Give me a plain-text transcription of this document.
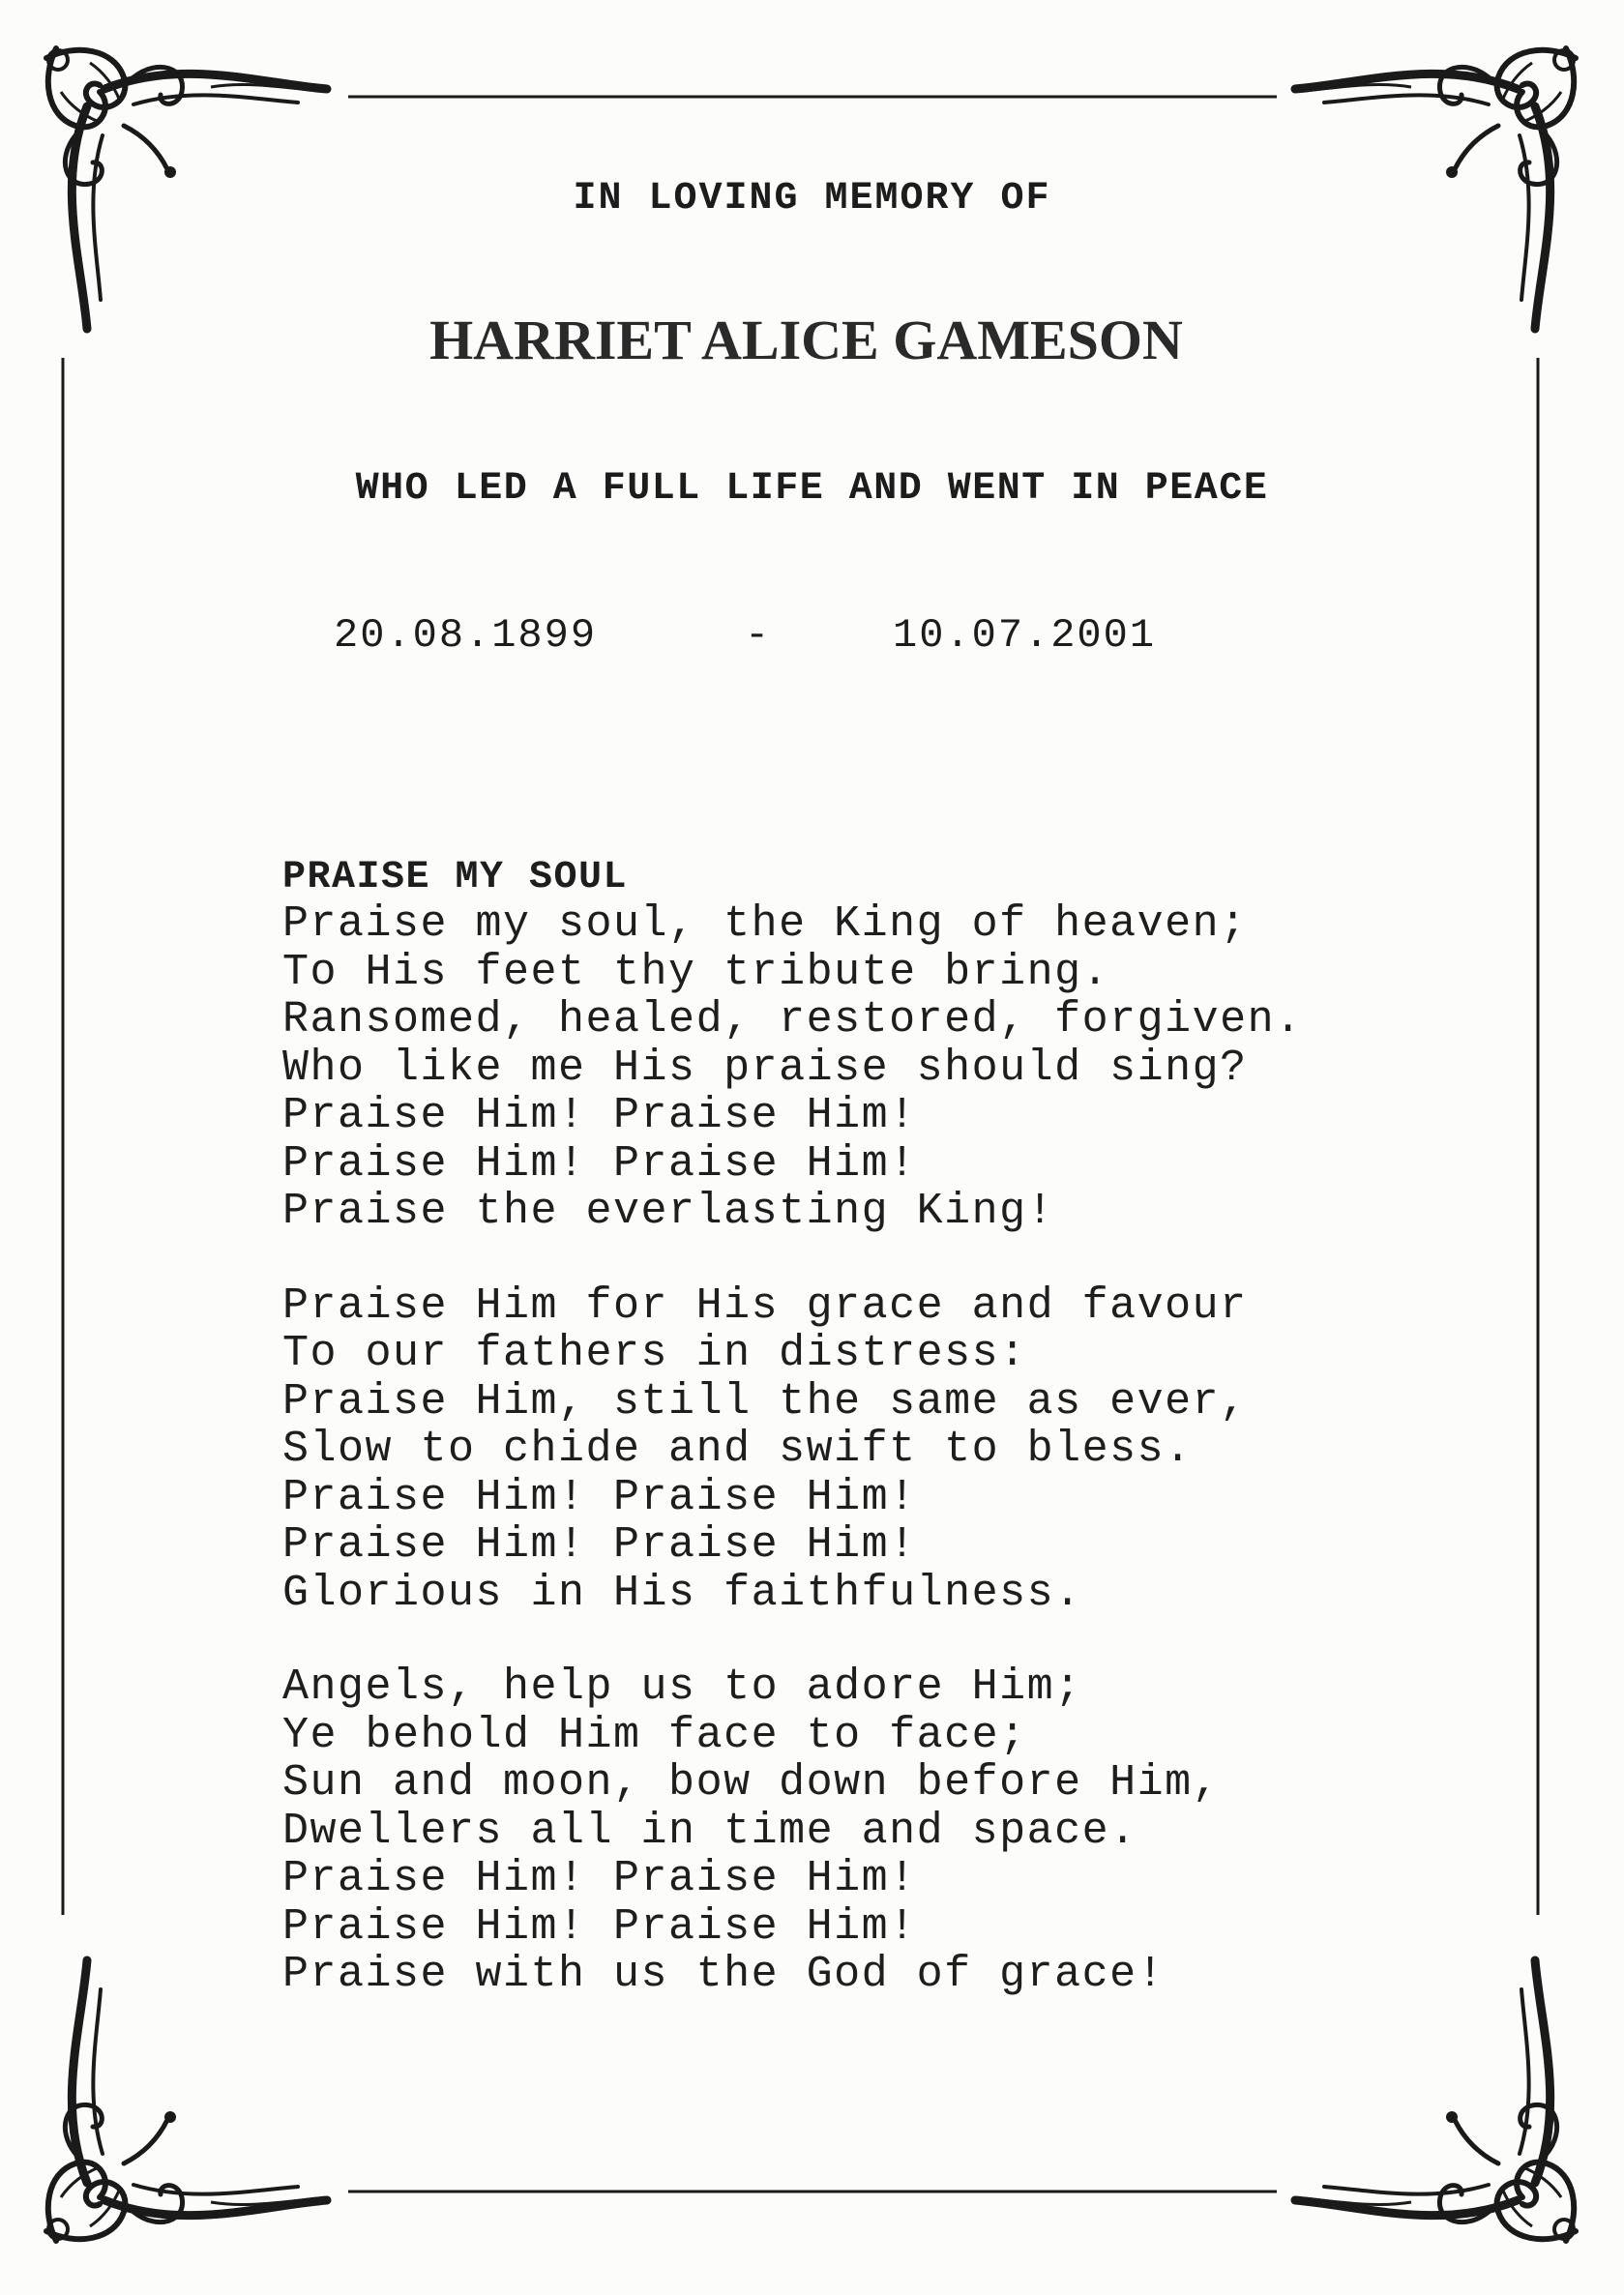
IN LOVING MEMORY OF
HARRIET ALICE GAMESON
WHO LED A FULL LIFE AND WENT IN PEACE
20.08.1899	-	10.07.2001
PRAISE MY SOUL
Praise my soul, the King of heaven;
To His feet thy tribute bring.
Ransomed, healed, restored, forgiven.
Who like me His praise should sing?
Praise Him! Praise Him!
Praise Him! Praise Him!
Praise the everlasting King!
Praise Him for His grace and favour
To our fathers in distress:
Praise Him, still the same as ever,
Slow to chide and swift to bless.
Praise Him! Praise Him!
Praise Him! Praise Him!
Glorious in His faithfulness.
Angels, help us to adore Him;
Ye behold Him face to face;
Sun and moon, bow down before Him,
Dwellers all in time and space.
Praise Him! Praise Him!
Praise Him! Praise Him!
Praise with us the God of grace!
